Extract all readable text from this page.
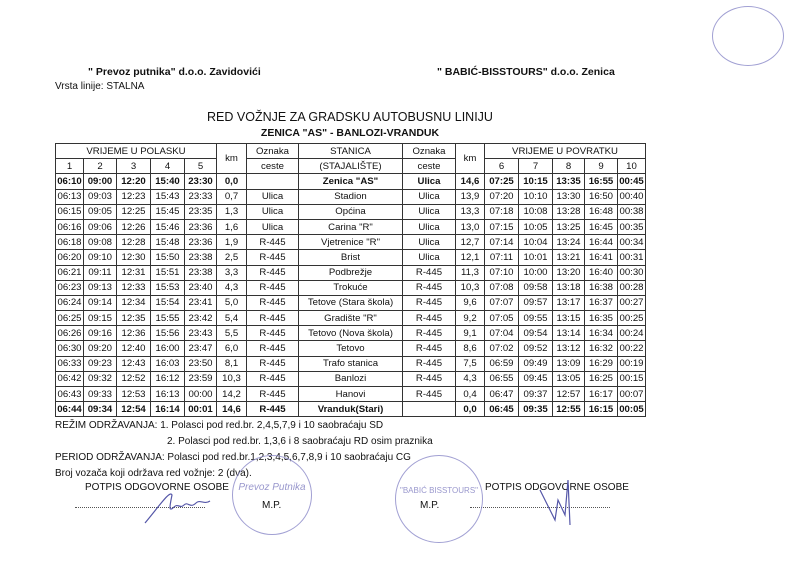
" Prevoz putnika" d.o.o. Zavidovići
Vrsta linije: STALNA
" BABIĆ-BISSTOURS" d.o.o. Zenica
RED VOŽNJE ZA GRADSKU AUTOBUSNU LINIJU
ZENICA "AS" - BANLOZI-VRANDUK
VRIJEME U POLASKU					km	Oznaka	STANICA	Oznaka	km	VRIJEME U POVRATKU				
1	2	3	4	5		ceste	(STAJALIŠTE)	ceste		6	7	8	9	10
06:10	09:00	12:20	15:40	23:30	0,0		Zenica "AS"	Ulica	14,6	07:25	10:15	13:35	16:55	00:45
06:13	09:03	12:23	15:43	23:33	0,7	Ulica	Stadion	Ulica	13,9	07:20	10:10	13:30	16:50	00:40
06:15	09:05	12:25	15:45	23:35	1,3	Ulica	Općina	Ulica	13,3	07:18	10:08	13:28	16:48	00:38
06:16	09:06	12:26	15:46	23:36	1,6	Ulica	Carina "R"	Ulica	13,0	07:15	10:05	13:25	16:45	00:35
06:18	09:08	12:28	15:48	23:36	1,9	R-445	Vjetrenice "R"	Ulica	12,7	07:14	10:04	13:24	16:44	00:34
06:20	09:10	12:30	15:50	23:38	2,5	R-445	Brist	Ulica	12,1	07:11	10:01	13:21	16:41	00:31
06:21	09:11	12:31	15:51	23:38	3,3	R-445	Podbrežje	R-445	11,3	07:10	10:00	13:20	16:40	00:30
06:23	09:13	12:33	15:53	23:40	4,3	R-445	Trokuće	R-445	10,3	07:08	09:58	13:18	16:38	00:28
06:24	09:14	12:34	15:54	23:41	5,0	R-445	Tetove (Stara škola)	R-445	9,6	07:07	09:57	13:17	16:37	00:27
06:25	09:15	12:35	15:55	23:42	5,4	R-445	Gradište "R"	R-445	9,2	07:05	09:55	13:15	16:35	00:25
06:26	09:16	12:36	15:56	23:43	5,5	R-445	Tetovo (Nova škola)	R-445	9,1	07:04	09:54	13:14	16:34	00:24
06:30	09:20	12:40	16:00	23:47	6,0	R-445	Tetovo	R-445	8,6	07:02	09:52	13:12	16:32	00:22
06:33	09:23	12:43	16:03	23:50	8,1	R-445	Trafo stanica	R-445	7,5	06:59	09:49	13:09	16:29	00:19
06:42	09:32	12:52	16:12	23:59	10,3	R-445	Banlozi	R-445	4,3	06:55	09:45	13:05	16:25	00:15
06:43	09:33	12:53	16:13	00:00	14,2	R-445	Hanovi	R-445	0,4	06:47	09:37	12:57	16:17	00:07
06:44	09:34	12:54	16:14	00:01	14,6	R-445	Vranduk(Stari)		0,0	06:45	09:35	12:55	16:15	00:05
REŽIM ODRŽAVANJA: 1. Polasci pod red.br. 2,4,5,7,9 i 10 saobraćaju SD
2. Polasci pod red.br. 1,3,6 i 8 saobraćaju RD osim praznika
PERIOD ODRŽAVANJA: Polasci pod red.br.1,2,3,4,5,6,7,8,9 i 10 saobraćaju CG
Broj vozača koji održava red vožnje: 2 (dva).
POTPIS ODGOVORNE OSOBE	POTPIS ODGOVORNE OSOBE
M.P.	M.P.
Prevoz Putnika	"BABIĆ BISSTOURS"
